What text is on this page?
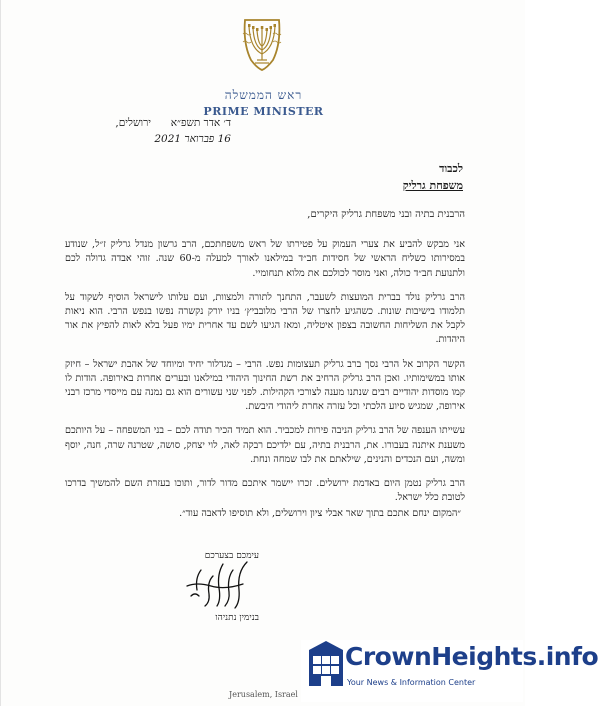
ראש הממשלה
PRIME MINISTER
ירושלים, ד׳ אדר תשפ״א
16 פברואר 2021
לכבוד
משפחת גרליק

הרבנית בתיה ובני משפחת גרליק היקרים,

אני מבקש להביע את צערי העמוק על פטירתו של ראש משפחתכם, הרב גרשון מנדל גרליק ז״ל, שנודע במסירותו כשליח הראשי של חסידות חב״ד במילאנו לאורך למעלה מ-60 שנה. זוהי אבדה גדולה לכם ולתנועת חב״ד כולה, ואני מוסר לכולכם את מלוא תנחומיי.

הרב גרליק נולד בברית המועצות לשעבר, התחנך לתורה ולמצוות, ועם עלותו לישראל הוסיף לשקוד על תלמודו בישיבות שונות. כשהגיע לחצרו של הרבי מלובביץ׳ בניו יורק נקשרה נפשו בנפש הרבי. הוא ניאות לקבל את השליחות החשובה בצפון איטליה, ומאז הגיעו לשם עד אחרית ימיו פעל בלא לאות להפיץ את אור היהדות.

הקשר הקרוב אל הרבי נסך ברב גרליק תעצומות נפש. הרבי – מגדלור יחיד ומיוחד של אהבת ישראל – חיזק אותו במשימותיו. ואכן הרב גרליק הרחיב את רשת החינוך היהודי במילאנו ובערים אחרות באירופה. הודות לו קמו מוסדות יהודיים רבים שנתנו מענה לצורכי הקהילות. לפני שני עשורים הוא גם נמנה עם מייסדי מרכז רבני אירופה, שמגיש סיוע הלכתי וכל עזרה אחרת ליהודי היבשת.

עשייתו הענפה של הרב גרליק הניבה פירות למכביר. הוא תמיד הכיר תודה לכם – בני המשפחה – על היותכם משענת איתנה בעבורו. את, הרבנית בתיה, עם ילדיכם רבקה לאה, לוי יצחק, סושה, שטרנה שרה, חנה, יוסף ומשה, ועם הנכדים והנינים, שילאתם את לבו שמחה ונחת.

הרב גרליק נטמן היום באדמת ירושלים. זכרו יישמר איתכם מדור לדור, ותוכו בעזרת השם להמשיך בדרכו לטובת כלל ישראל.

״המקום ינחם אתכם בתוך שאר אבלי ציון וירושלים, ולא תוסיפו לדאבה עוד״.
עימכם בצערכם
בנימין נתניהו
Jerusalem, Israel
CrownHeights.info
Your News & Information Center
